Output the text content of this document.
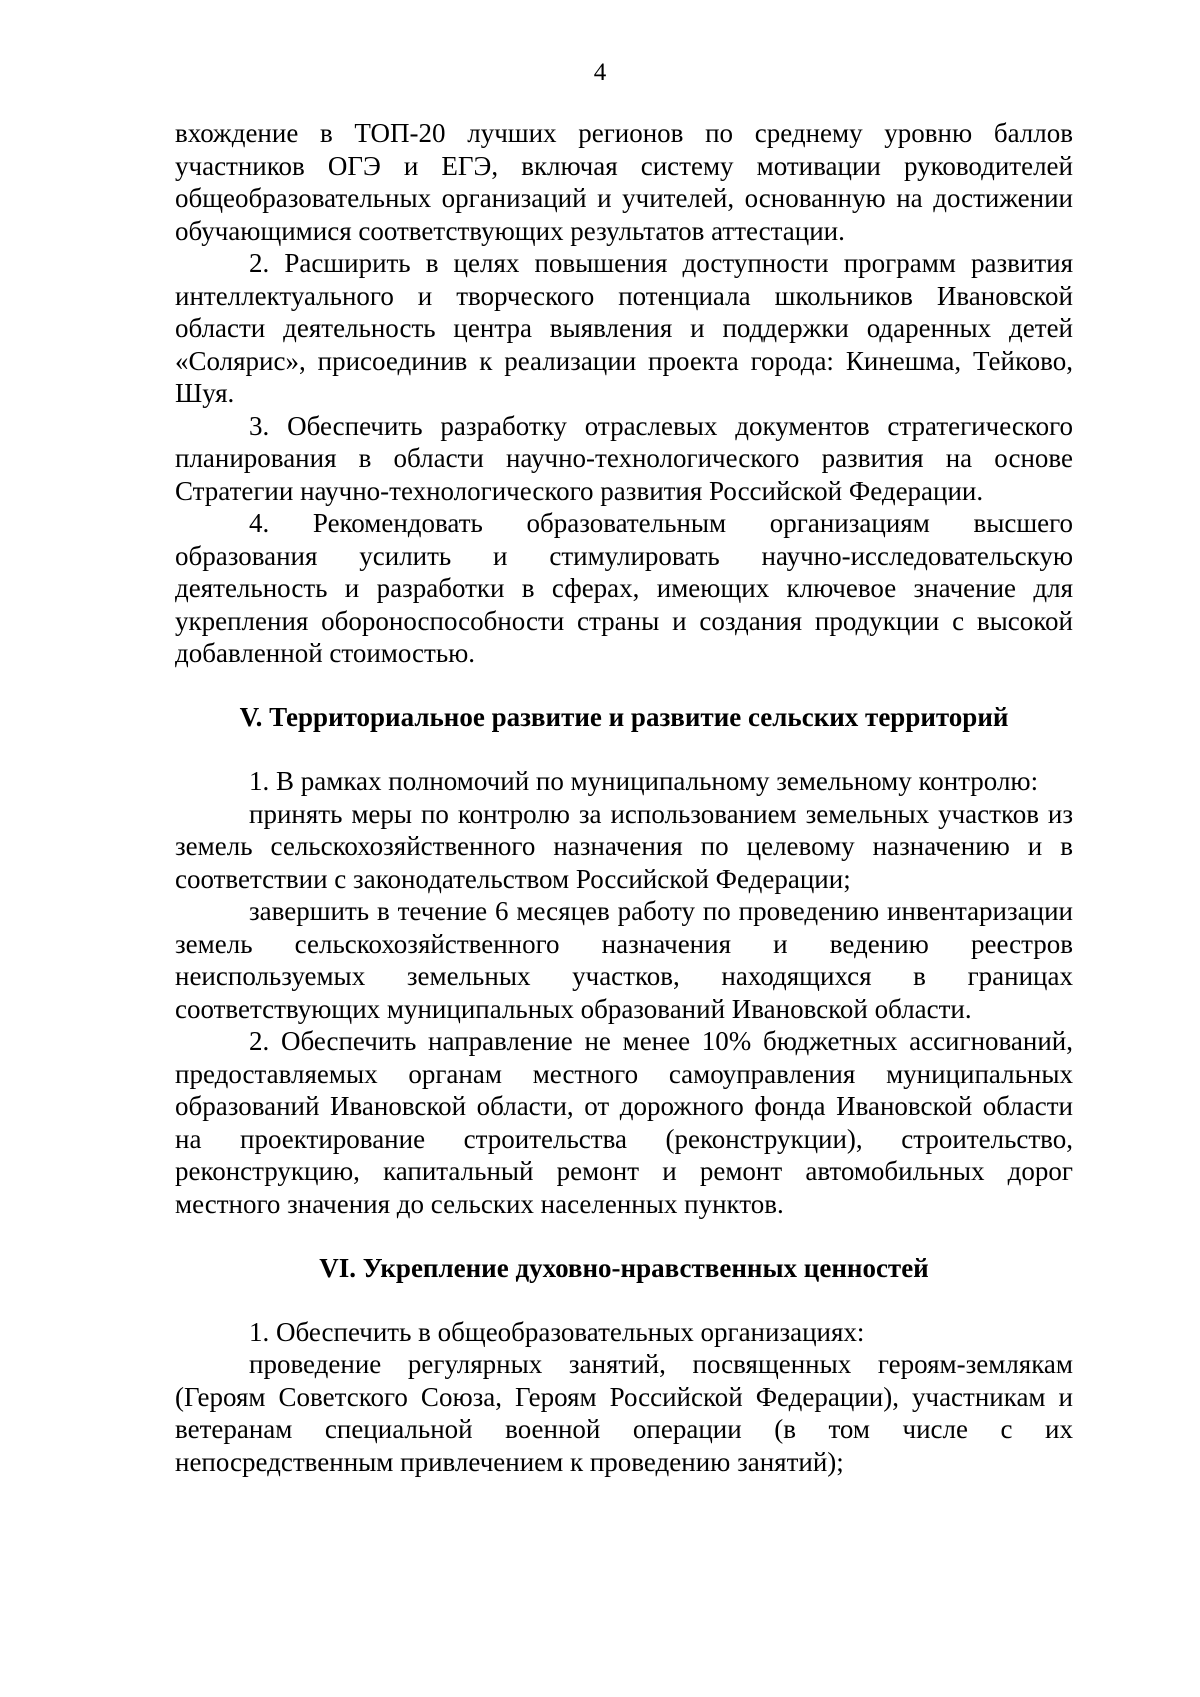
4

вхождение в ТОП-20 лучших регионов по среднему уровню баллов участников ОГЭ и ЕГЭ, включая систему мотивации руководителей общеобразовательных организаций и учителей, основанную на достижении обучающимися соответствующих результатов аттестации.

2. Расширить в целях повышения доступности программ развития интеллектуального и творческого потенциала школьников Ивановской области деятельность центра выявления и поддержки одаренных детей «Солярис», присоединив к реализации проекта города: Кинешма, Тейково, Шуя.

3. Обеспечить разработку отраслевых документов стратегического планирования в области научно-технологического развития на основе Стратегии научно-технологического развития Российской Федерации.

4. Рекомендовать образовательным организациям высшего образования усилить и стимулировать научно-исследовательскую деятельность и разработки в сферах, имеющих ключевое значение для укрепления обороноспособности страны и создания продукции с высокой добавленной стоимостью.

V. Территориальное развитие и развитие сельских территорий

1. В рамках полномочий по муниципальному земельному контролю:

принять меры по контролю за использованием земельных участков из земель сельскохозяйственного назначения по целевому назначению и в соответствии с законодательством Российской Федерации;

завершить в течение 6 месяцев работу по проведению инвентаризации земель сельскохозяйственного назначения и ведению реестров неиспользуемых земельных участков, находящихся в границах соответствующих муниципальных образований Ивановской области.

2. Обеспечить направление не менее 10% бюджетных ассигнований, предоставляемых органам местного самоуправления муниципальных образований Ивановской области, от дорожного фонда Ивановской области на проектирование строительства (реконструкции), строительство, реконструкцию, капитальный ремонт и ремонт автомобильных дорог местного значения до сельских населенных пунктов.

VI. Укрепление духовно-нравственных ценностей

1. Обеспечить в общеобразовательных организациях:

проведение регулярных занятий, посвященных героям-землякам (Героям Советского Союза, Героям Российской Федерации), участникам и ветеранам специальной военной операции (в том числе с их непосредственным привлечением к проведению занятий);
